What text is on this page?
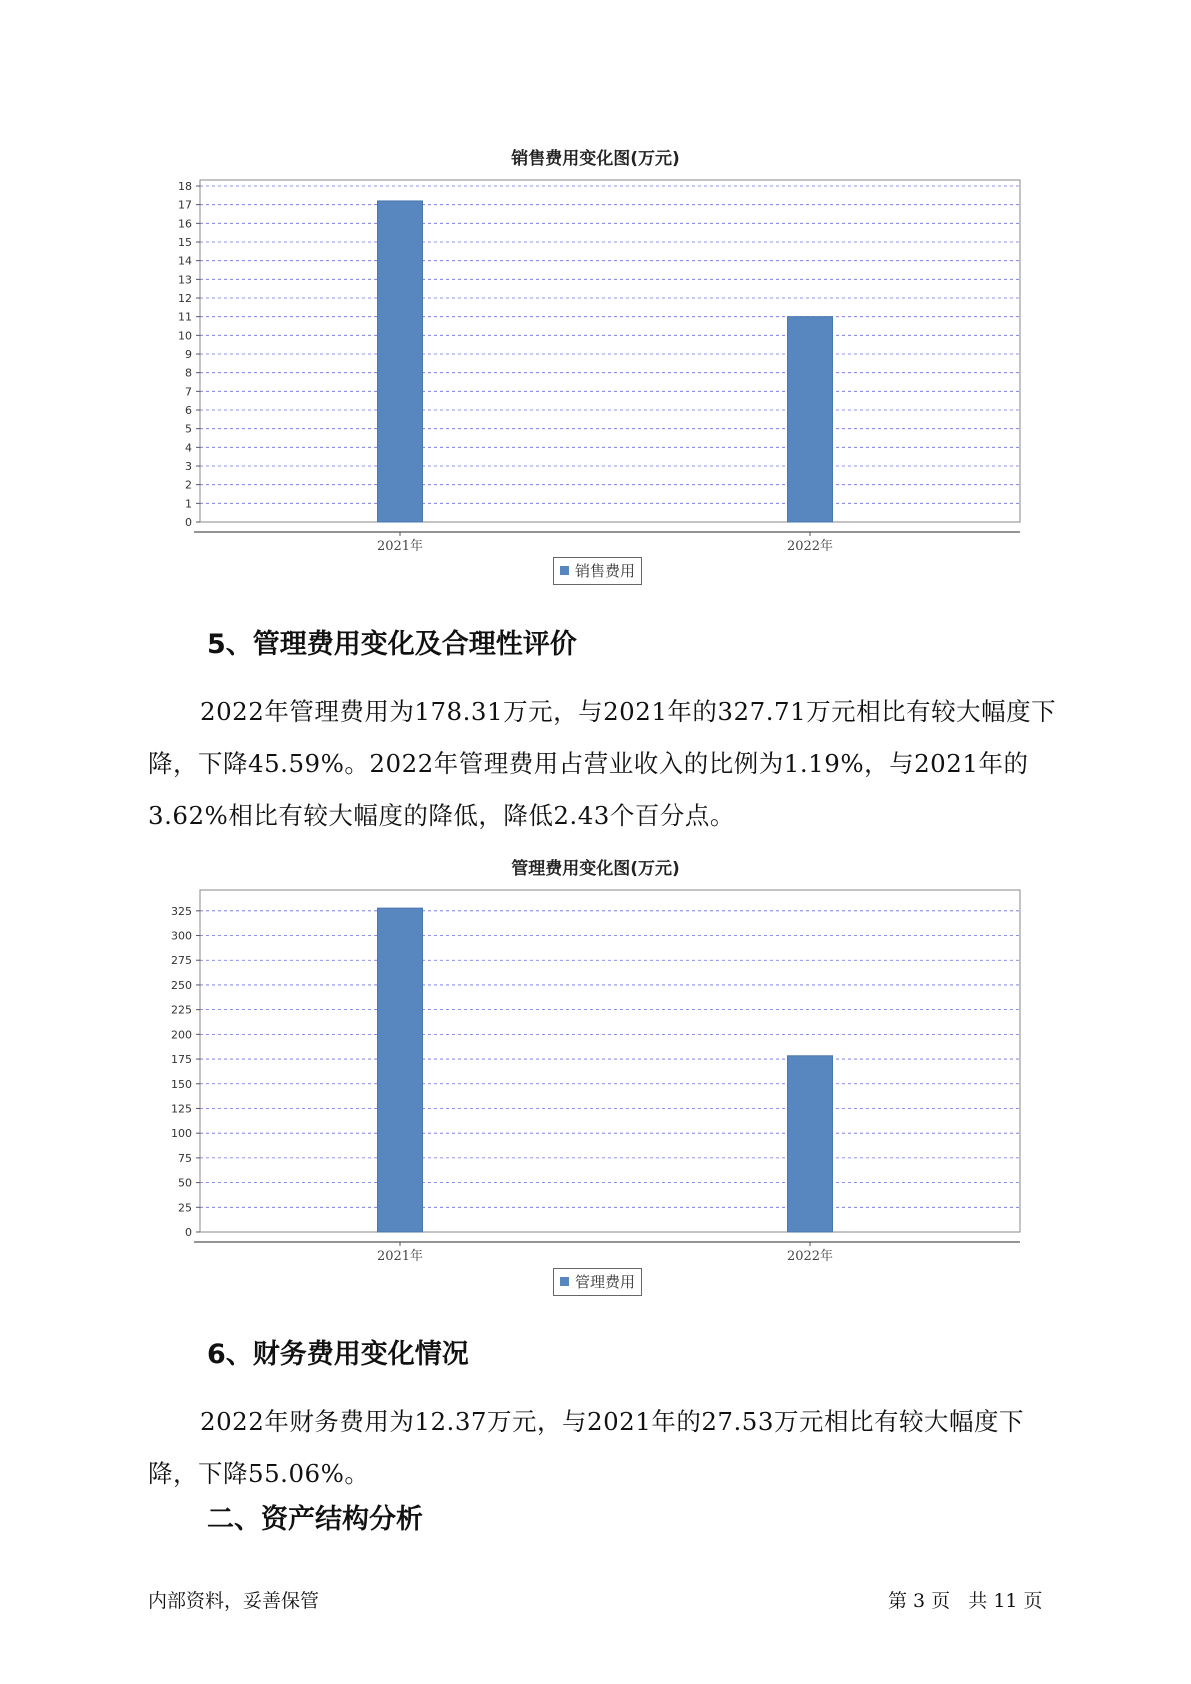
销售费用变化图(万元)
0
1
2
3
4
5
6
7
8
9
10
11
12
13
14
15
16
17
18
2021年	2022年
销售费用
5、管理费用变化及合理性评价

2022年管理费用为178.31万元，与2021年的327.71万元相比有较大幅度下降，下降45.59%。2022年管理费用占营业收入的比例为1.19%，与2021年的3.62%相比有较大幅度的降低，降低2.43个百分点。

管理费用变化图(万元)
0
25
50
75
100
125
150
175
200
225
250
275
300
325
2021年	2022年
管理费用
6、财务费用变化情况

2022年财务费用为12.37万元，与2021年的27.53万元相比有较大幅度下降，下降55.06%。

二、资产结构分析
内部资料，妥善保管	第 3 页   共 11 页
